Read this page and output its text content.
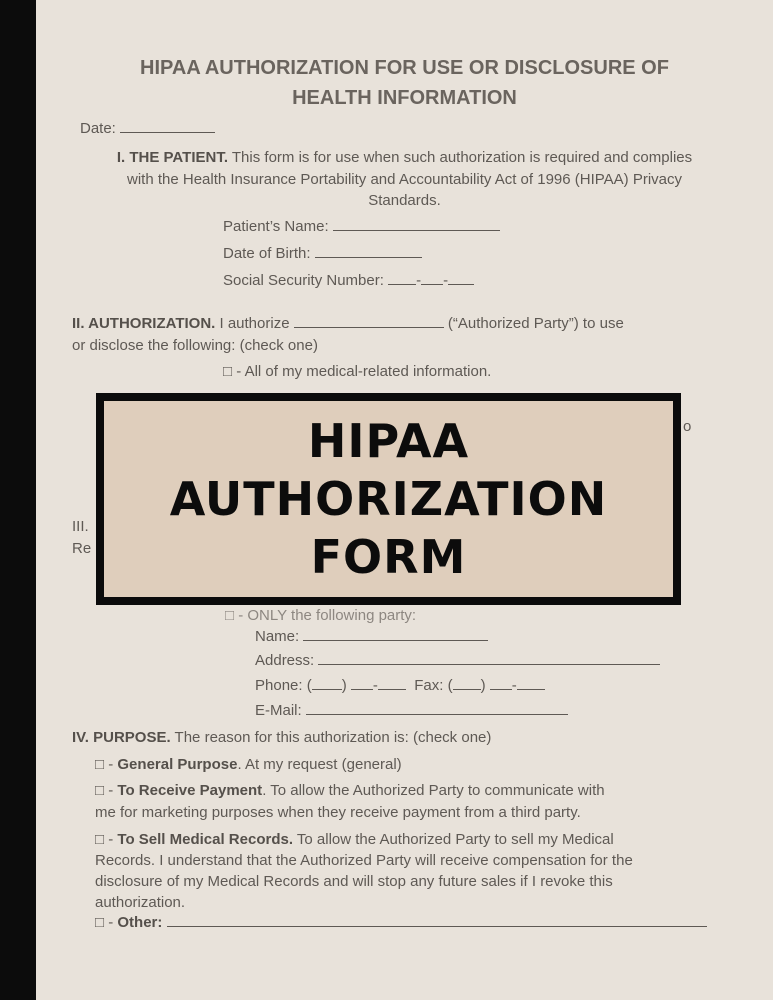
HIPAA AUTHORIZATION FOR USE OR DISCLOSURE OF
HEALTH INFORMATION
Date:
I. THE PATIENT. This form is for use when such authorization is required and complies
with the Health Insurance Portability and Accountability Act of 1996 (HIPAA) Privacy
Standards.
Patient’s Name:
Date of Birth:
Social Security Number: - -
II. AUTHORIZATION. I authorize	(“Authorized Party”) to use
or disclose the following: (check one)
□ - All of my medical-related information.
o
III.
Re
HIPAA
AUTHORIZATION
FORM
□ - ONLY the following party:
Name:
Address:
Phone: ( ) - Fax: ( ) -
E-Mail:
IV. PURPOSE. The reason for this authorization is: (check one)
□ - General Purpose. At my request (general)
□ - To Receive Payment. To allow the Authorized Party to communicate with
me for marketing purposes when they receive payment from a third party.
□ - To Sell Medical Records. To allow the Authorized Party to sell my Medical
Records. I understand that the Authorized Party will receive compensation for the
disclosure of my Medical Records and will stop any future sales if I revoke this
authorization.
□ - Other:
